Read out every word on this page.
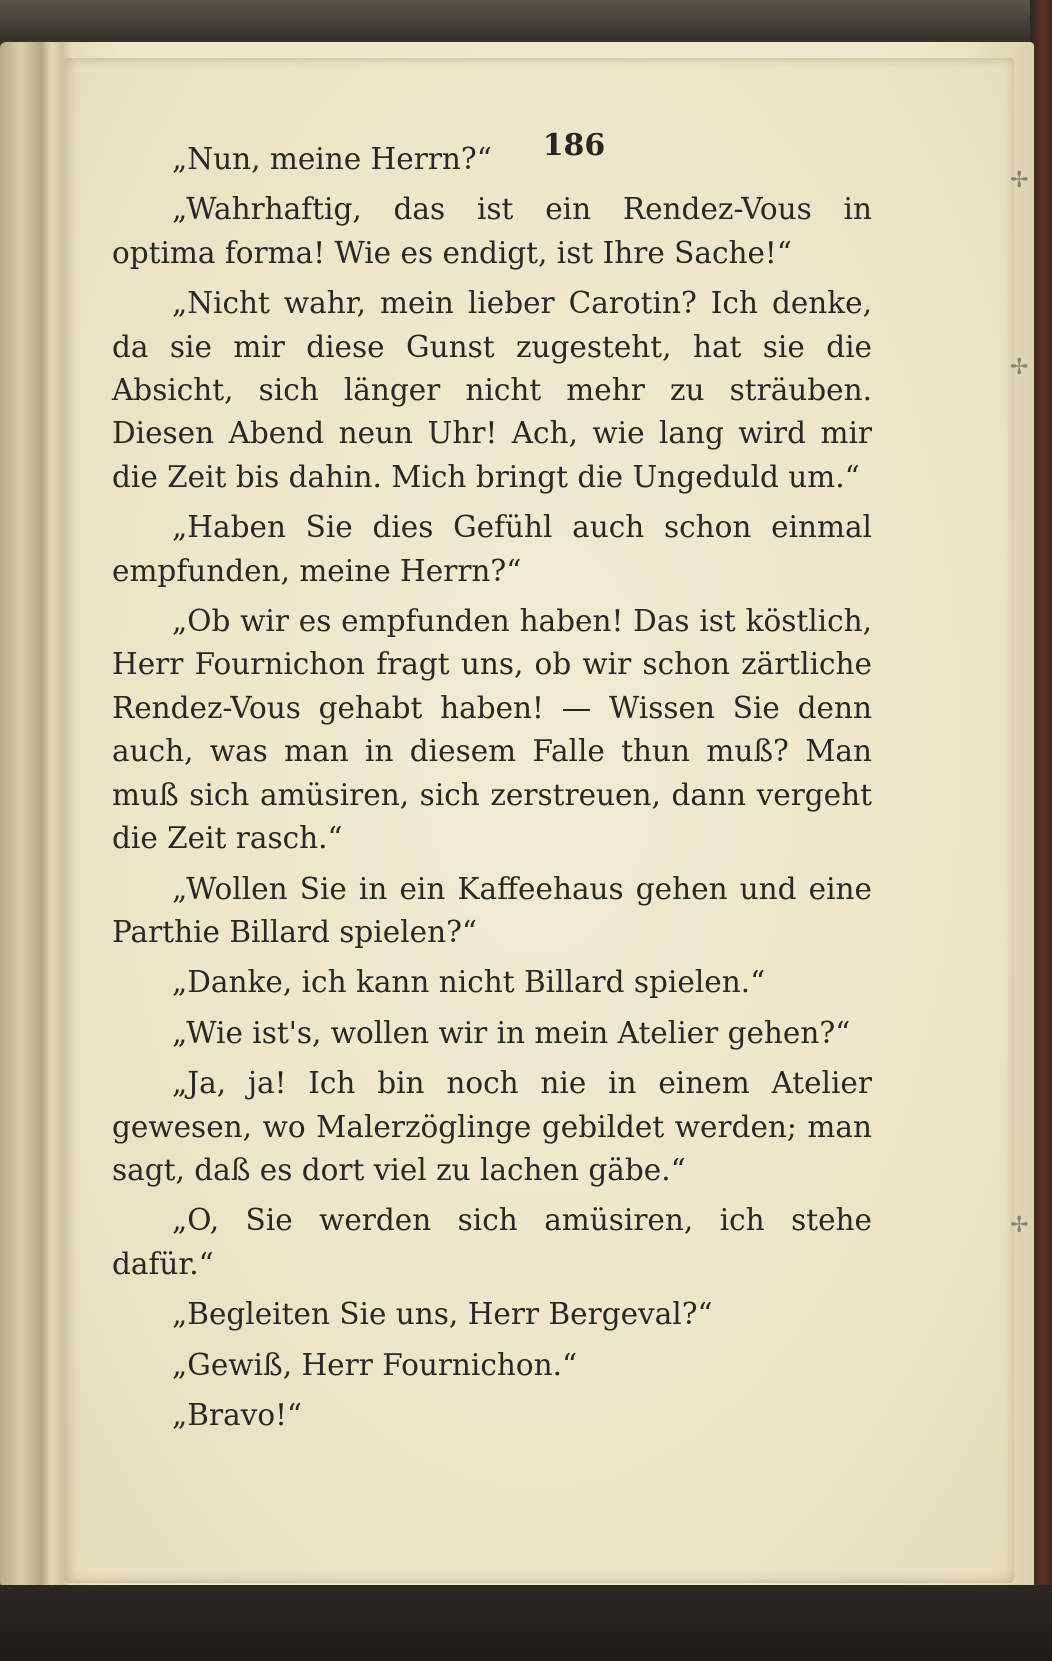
186

„Nun, meine Herrn?“

„Wahrhaftig, das ist ein Rendez-Vous in optima forma! Wie es endigt, ist Ihre Sache!“

„Nicht wahr, mein lieber Carotin? Ich denke, da sie mir diese Gunst zugesteht, hat sie die Absicht, sich länger nicht mehr zu sträuben. Diesen Abend neun Uhr! Ach, wie lang wird mir die Zeit bis dahin. Mich bringt die Ungeduld um.“

„Haben Sie dies Gefühl auch schon einmal empfunden, meine Herrn?“

„Ob wir es empfunden haben! Das ist köstlich, Herr Fournichon fragt uns, ob wir schon zärtliche Rendez-Vous gehabt haben! — Wissen Sie denn auch, was man in diesem Falle thun muß? Man muß sich amüsiren, sich zerstreuen, dann vergeht die Zeit rasch.“

„Wollen Sie in ein Kaffeehaus gehen und eine Parthie Billard spielen?“

„Danke, ich kann nicht Billard spielen.“

„Wie ist's, wollen wir in mein Atelier gehen?“

„Ja, ja! Ich bin noch nie in einem Atelier gewesen, wo Malerzöglinge gebildet werden; man sagt, daß es dort viel zu lachen gäbe.“

„O, Sie werden sich amüsiren, ich stehe dafür.“

„Begleiten Sie uns, Herr Bergeval?“

„Gewiß, Herr Fournichon.“

„Bravo!“

✢
✢
✢
